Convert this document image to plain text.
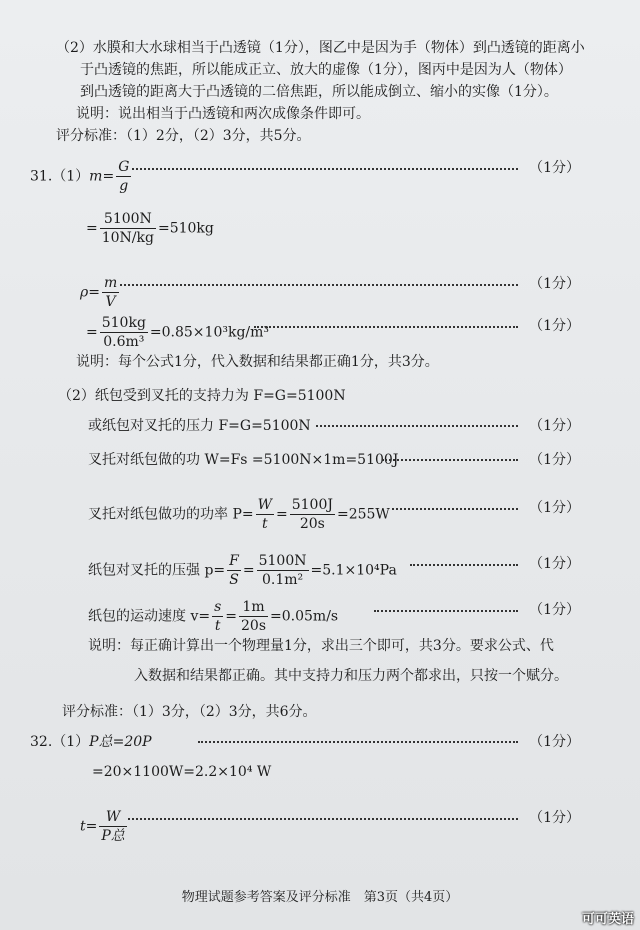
（2）水膜和大水球相当于凸透镜（1分），图乙中是因为手（物体）到凸透镜的距离小
于凸透镜的焦距，所以能成正立、放大的虚像（1分），图丙中是因为人（物体）
到凸透镜的距离大于凸透镜的二倍焦距，所以能成倒立、缩小的实像（1分）。
说明：说出相当于凸透镜和两次成像条件即可。
评分标准：（1）2分，（2）3分，共5分。
$31.(1)m= \frac{G}{g}$	（1分）
= $\frac{5100N}{10N/kg} =510kg$
$\rho= \frac{m}{V}$	（1分）
= $\frac{510kg}{\text{0.6m³}} =0.85\times 10^3kg/m^3$	（1分）
说明：每个公式1分，代入数据和结果都正确1分，共3分。
（2）纸包受到叉托的支持力为 F=G=5100N
或纸包对叉托的压力 F=G=5100N	（1分）
叉托对纸包做的功 W=Fs =5100N×1m=5100J	（1分）
叉托对纸包做功的功率 $P= \frac{W}{t} = \frac{5100J}{20s} =255W$	（1分）
纸包对叉托的压强 $p= \frac{F}{S} = \frac{5100N}{\text{0.1m²}} =5.1\times 10^4Pa$	（1分）
纸包的运动速度 $v= \frac{s}{t} = \frac{1m}{20s} =0.05m/s$	（1分）
说明：每正确计算出一个物理量1分，求出三个即可，共3分。要求公式、代
入数据和结果都正确。其中支持力和压力两个都求出，只按一个赋分。
评分标准：（1）3分，（2）3分，共6分。
32.（1）P总=20P	（1分）
=20×1100W=2.2×10⁴ W
$t= \frac{W}{\text{P总}}$	（1分）
物理试题参考答案及评分标准　第3页（共4页）
可可英语
